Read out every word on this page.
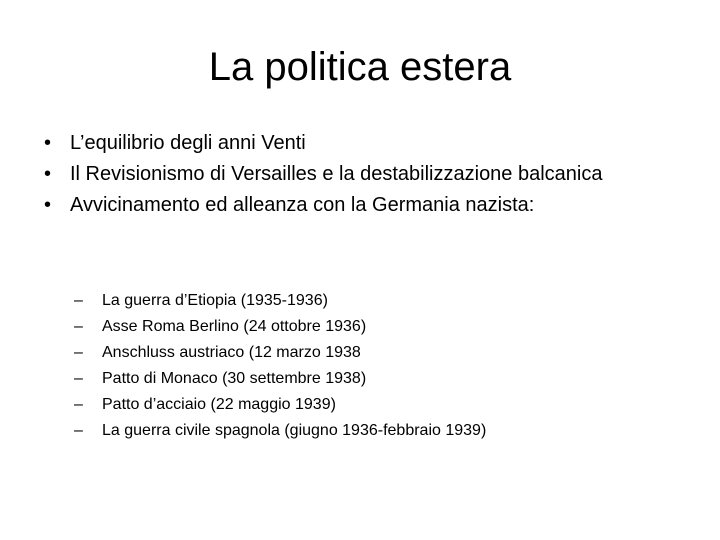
La politica estera
• L’equilibrio degli anni Venti
• Il Revisionismo di Versailles e la destabilizzazione balcanica
• Avvicinamento ed alleanza con la Germania nazista:
–	La guerra d’Etiopia (1935-1936)
–	Asse Roma Berlino (24 ottobre 1936)
–	Anschluss austriaco (12 marzo 1938
–	Patto di Monaco (30 settembre 1938)
–	Patto d’acciaio (22 maggio 1939)
–	La guerra civile spagnola (giugno 1936-febbraio 1939)
